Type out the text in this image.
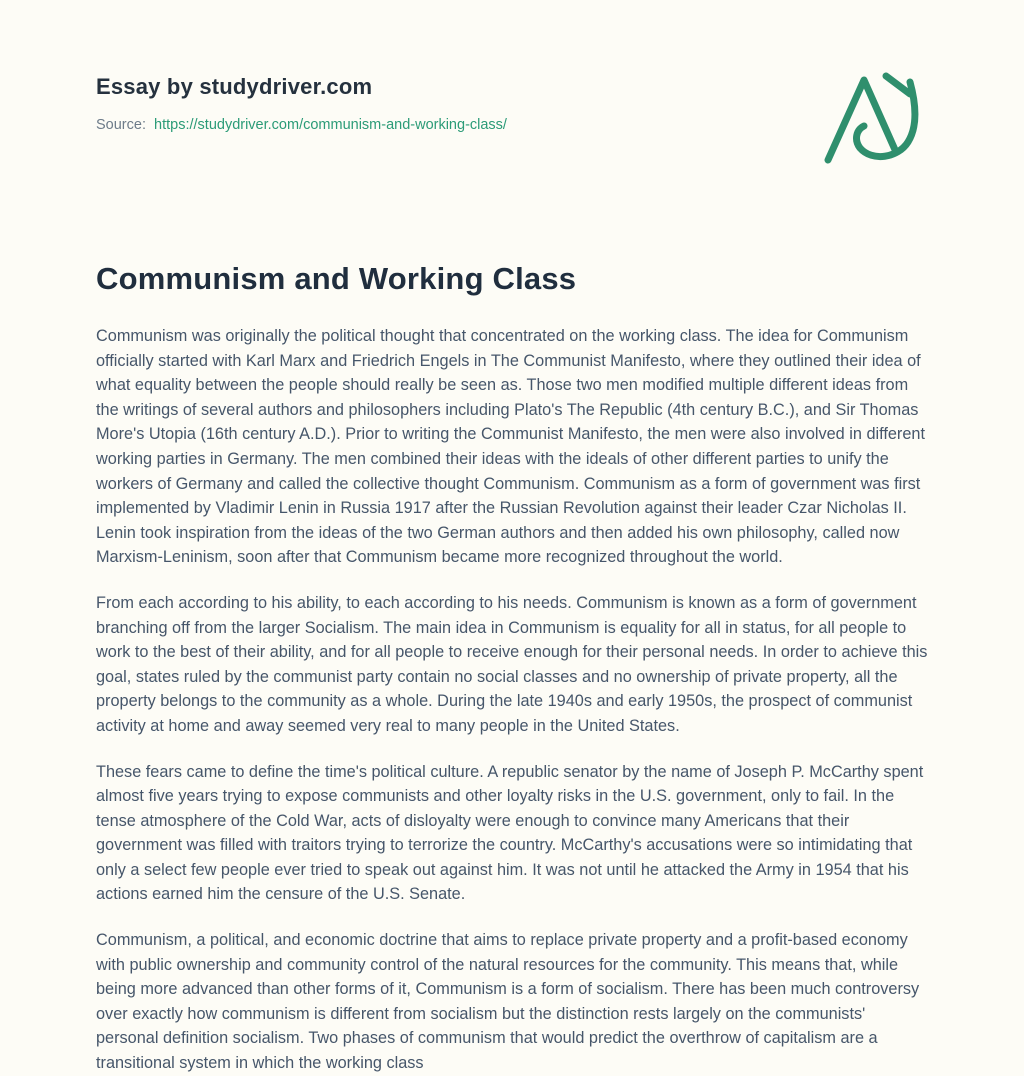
Essay by studydriver.com

Source: https://studydriver.com/communism-and-working-class/

Communism and Working Class

Communism was originally the political thought that concentrated on the working class. The idea for Communism officially started with Karl Marx and Friedrich Engels in The Communist Manifesto, where they outlined their idea of what equality between the people should really be seen as. Those two men modified multiple different ideas from the writings of several authors and philosophers including Plato's The Republic (4th century B.C.), and Sir Thomas More's Utopia (16th century A.D.). Prior to writing the Communist Manifesto, the men were also involved in different working parties in Germany. The men combined their ideas with the ideals of other different parties to unify the workers of Germany and called the collective thought Communism. Communism as a form of government was first implemented by Vladimir Lenin in Russia 1917 after the Russian Revolution against their leader Czar Nicholas II. Lenin took inspiration from the ideas of the two German authors and then added his own philosophy, called now Marxism-Leninism, soon after that Communism became more recognized throughout the world.

From each according to his ability, to each according to his needs. Communism is known as a form of government branching off from the larger Socialism. The main idea in Communism is equality for all in status, for all people to work to the best of their ability, and for all people to receive enough for their personal needs. In order to achieve this goal, states ruled by the communist party contain no social classes and no ownership of private property, all the property belongs to the community as a whole. During the late 1940s and early 1950s, the prospect of communist activity at home and away seemed very real to many people in the United States.

These fears came to define the time's political culture. A republic senator by the name of Joseph P. McCarthy spent almost five years trying to expose communists and other loyalty risks in the U.S. government, only to fail. In the tense atmosphere of the Cold War, acts of disloyalty were enough to convince many Americans that their government was filled with traitors trying to terrorize the country. McCarthy's accusations were so intimidating that only a select few people ever tried to speak out against him. It was not until he attacked the Army in 1954 that his actions earned him the censure of the U.S. Senate.

Communism, a political, and economic doctrine that aims to replace private property and a profit-based economy with public ownership and community control of the natural resources for the community. This means that, while being more advanced than other forms of it, Communism is a form of socialism. There has been much controversy over exactly how communism is different from socialism but the distinction rests largely on the communists' personal definition socialism. Two phases of communism that would predict the overthrow of capitalism are a transitional system in which the working class
